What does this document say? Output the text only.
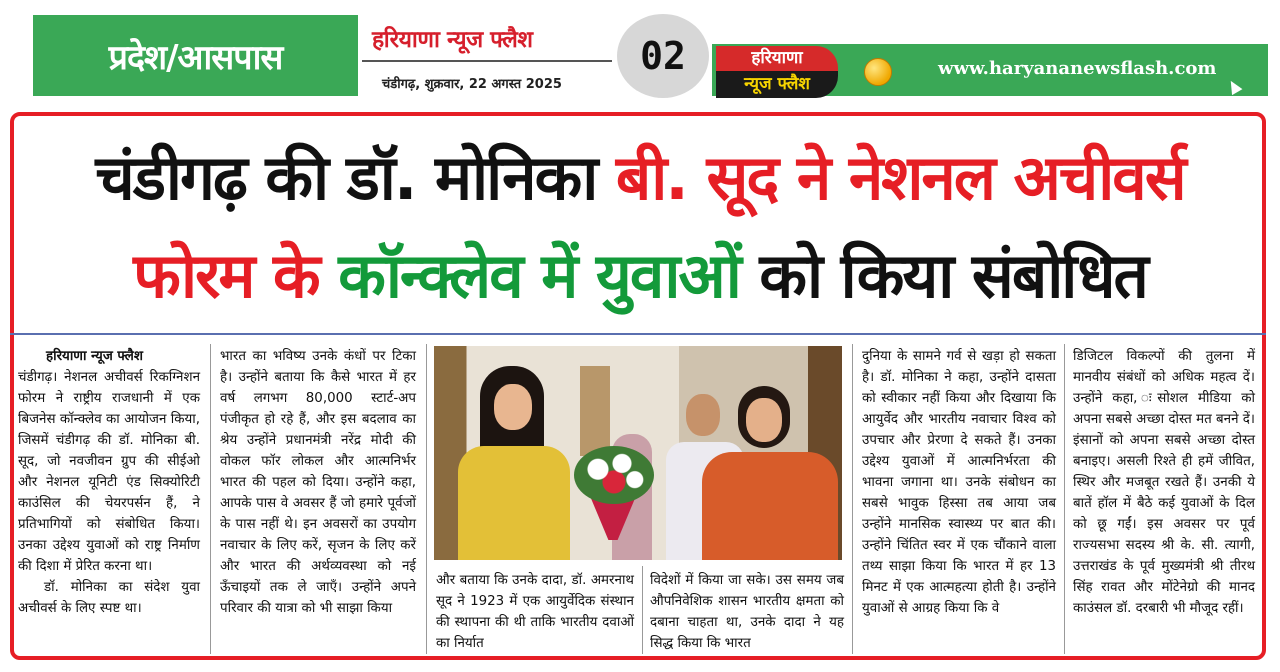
प्रदेश/आसपास	हरियाणा न्यूज फ्लैश
चंडीगढ़, शुक्रवार, 22 अगस्त 2025
02	हरियाणा
न्यूज फ्लैश
www.haryananewsflash.com
चंडीगढ़ की डॉ. मोनिका बी. सूद ने नेशनल अचीवर्स
फोरम के कॉन्क्लेव में युवाओं को किया संबोधित

हरियाणा न्यूज फ्लैश

चंडीगढ़। नेशनल अचीवर्स रिकग्निशन फोरम ने राष्ट्रीय राजधानी में एक बिजनेस कॉन्क्लेव का आयोजन किया, जिसमें चंडीगढ़ की डॉ. मोनिका बी. सूद, जो नवजीवन ग्रुप की सीईओ और नेशनल यूनिटी एंड सिक्योरिटी काउंसिल की चेयरपर्सन हैं, ने प्रतिभागियों को संबोधित किया। उनका उद्देश्य युवाओं को राष्ट्र निर्माण की दिशा में प्रेरित करना था।

डॉ. मोनिका का संदेश युवा अचीवर्स के लिए स्पष्ट था।

भारत का भविष्य उनके कंधों पर टिका है। उन्होंने बताया कि कैसे भारत में हर वर्ष लगभग 80,000 स्टार्ट-अप पंजीकृत हो रहे हैं, और इस बदलाव का श्रेय उन्होंने प्रधानमंत्री नरेंद्र मोदी की वोकल फॉर लोकल और आत्मनिर्भर भारत की पहल को दिया। उन्होंने कहा, आपके पास वे अवसर हैं जो हमारे पूर्वजों के पास नहीं थे। इन अवसरों का उपयोग नवाचार के लिए करें, सृजन के लिए करें और भारत की अर्थव्यवस्था को नई ऊँचाइयों तक ले जाएँ। उन्होंने अपने परिवार की यात्रा को भी साझा किया

और बताया कि उनके दादा, डॉ. अमरनाथ सूद ने 1923 में एक आयुर्वेदिक संस्थान की स्थापना की थी ताकि भारतीय दवाओं का निर्यात

विदेशों में किया जा सके। उस समय जब औपनिवेशिक शासन भारतीय क्षमता को दबाना चाहता था, उनके दादा ने यह सिद्ध किया कि भारत

दुनिया के सामने गर्व से खड़ा हो सकता है। डॉ. मोनिका ने कहा, उन्होंने दासता को स्वीकार नहीं किया और दिखाया कि आयुर्वेद और भारतीय नवाचार विश्व को उपचार और प्रेरणा दे सकते हैं। उनका उद्देश्य युवाओं में आत्मनिर्भरता की भावना जगाना था। उनके संबोधन का सबसे भावुक हिस्सा तब आया जब उन्होंने मानसिक स्वास्थ्य पर बात की। उन्होंने चिंतित स्वर में एक चौंकाने वाला तथ्य साझा किया कि भारत में हर 13 मिनट में एक आत्महत्या होती है। उन्होंने युवाओं से आग्रह किया कि वे

डिजिटल विकल्पों की तुलना में मानवीय संबंधों को अधिक महत्व दें। उन्होंने कहा, ःसोशल मीडिया को अपना सबसे अच्छा दोस्त मत बनने दें। इंसानों को अपना सबसे अच्छा दोस्त बनाइए। असली रिश्ते ही हमें जीवित, स्थिर और मजबूत रखते हैं। उनकी ये बातें हॉल में बैठे कई युवाओं के दिल को छू गईं। इस अवसर पर पूर्व राज्यसभा सदस्य श्री के. सी. त्यागी, उत्तराखंड के पूर्व मुख्यमंत्री श्री तीरथ सिंह रावत और मोंटेनेग्रो की मानद काउंसल डॉ. दरबारी भी मौजूद रहीं।
